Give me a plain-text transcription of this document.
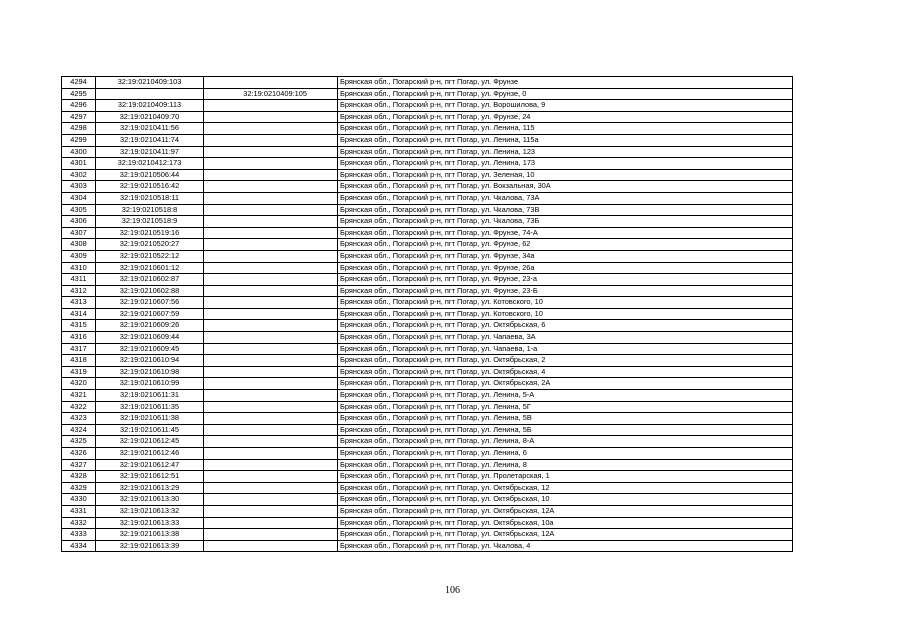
4294	32:19:0210409:103		Брянская обл., Погарский р-н, пгт Погар, ул. Фрунзе
4295		32:19:0210409:105	Брянская обл., Погарский р-н, пгт Погар, ул. Фрунзе, 0
4296	32:19:0210409:113		Брянская обл., Погарский р-н, пгт Погар, ул. Ворошилова, 9
4297	32:19:0210409:70		Брянская обл., Погарский р-н, пгт Погар, ул. Фрунзе, 24
4298	32:19:0210411:56		Брянская обл., Погарский р-н, пгт Погар, ул. Ленина, 115
4299	32:19:0210411:74		Брянская обл., Погарский р-н, пгт Погар, ул. Ленина, 115а
4300	32:19:0210411:97		Брянская обл., Погарский р-н, пгт Погар, ул. Ленина, 123
4301	32:19:0210412:173		Брянская обл., Погарский р-н, пгт Погар, ул. Ленина, 173
4302	32:19:0210506:44		Брянская обл., Погарский р-н, пгт Погар, ул. Зеленая, 10
4303	32:19:0210516:42		Брянская обл., Погарский р-н, пгт Погар, ул. Вокзальная, 30А
4304	32:19:0210518:11		Брянская обл., Погарский р-н, пгт Погар, ул. Чкалова, 73А
4305	32:19:0210518:8		Брянская обл., Погарский р-н, пгт Погар, ул. Чкалова, 73В
4306	32:19:0210518:9		Брянская обл., Погарский р-н, пгт Погар, ул. Чкалова, 73Б
4307	32:19:0210519:16		Брянская обл., Погарский р-н, пгт Погар, ул. Фрунзе, 74-А
4308	32:19:0210520:27		Брянская обл., Погарский р-н, пгт Погар, ул. Фрунзе, 62
4309	32:19:0210522:12		Брянская обл., Погарский р-н, пгт Погар, ул. Фрунзе, 34а
4310	32:19:0210601:12		Брянская обл., Погарский р-н, пгт Погар, ул. Фрунзе, 26а
4311	32:19:0210602:87		Брянская обл., Погарский р-н, пгт Погар, ул. Фрунзе, 23-а
4312	32:19:0210602:88		Брянская обл., Погарский р-н, пгт Погар, ул. Фрунзе, 23-Б
4313	32:19:0210607:56		Брянская обл., Погарский р-н, пгт Погар, ул. Котовского, 10
4314	32:19:0210607:59		Брянская обл., Погарский р-н, пгт Погар, ул. Котовского, 10
4315	32:19:0210609:26		Брянская обл., Погарский р-н, пгт Погар, ул. Октябрьская, 6
4316	32:19:0210609:44		Брянская обл., Погарский р-н, пгт Погар, ул. Чапаева, 3А
4317	32:19:0210609:45		Брянская обл., Погарский р-н, пгт Погар, ул. Чапаева, 1-а
4318	32:19:0210610:94		Брянская обл., Погарский р-н, пгт Погар, ул. Октябрьская, 2
4319	32:19:0210610:98		Брянская обл., Погарский р-н, пгт Погар, ул. Октябрьская, 4
4320	32:19:0210610:99		Брянская обл., Погарский р-н, пгт Погар, ул. Октябрьская, 2А
4321	32:19:0210611:31		Брянская обл., Погарский р-н, пгт Погар, ул. Ленина, 5-А
4322	32:19:0210611:35		Брянская обл., Погарский р-н, пгт Погар, ул. Ленина, 5Г
4323	32:19:0210611:38		Брянская обл., Погарский р-н, пгт Погар, ул. Ленина, 5В
4324	32:19:0210611:45		Брянская обл., Погарский р-н, пгт Погар, ул. Ленина, 5Б
4325	32:19:0210612:45		Брянская обл., Погарский р-н, пгт Погар, ул. Ленина, 8-А
4326	32:19:0210612:46		Брянская обл., Погарский р-н, пгт Погар, ул. Ленина, 6
4327	32:19:0210612:47		Брянская обл., Погарский р-н, пгт Погар, ул. Ленина, 8
4328	32:19:0210612:51		Брянская обл., Погарский р-н, пгт Погар, ул. Пролетарская, 1
4329	32:19:0210613:29		Брянская обл., Погарский р-н, пгт Погар, ул. Октябрьская, 12
4330	32:19:0210613:30		Брянская обл., Погарский р-н, пгт Погар, ул. Октябрьская, 10
4331	32:19:0210613:32		Брянская обл., Погарский р-н, пгт Погар, ул. Октябрьская, 12А
4332	32:19:0210613:33		Брянская обл., Погарский р-н, пгт Погар, ул. Октябрьская, 10а
4333	32:19:0210613:38		Брянская обл., Погарский р-н, пгт Погар, ул. Октябрьская, 12А
4334	32:19:0210613:39		Брянская обл., Погарский р-н, пгт Погар, ул. Чкалова, 4
106
